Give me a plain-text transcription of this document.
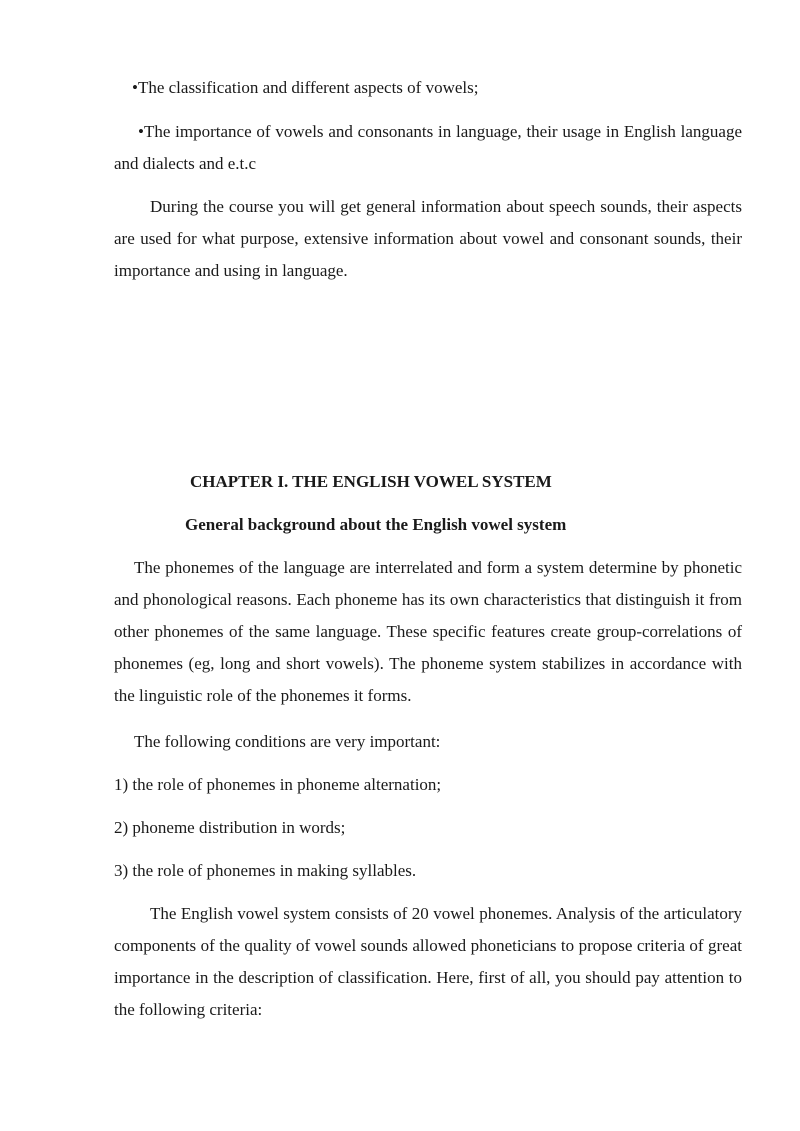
•The classification and different aspects of vowels;

•The importance of vowels and consonants in language, their usage in English language and dialects and e.t.c

During the course you will get general information about speech sounds, their aspects are used for what purpose, extensive information about vowel and consonant sounds, their importance and using in language.

CHAPTER I. THE ENGLISH VOWEL SYSTEM
General background about the English vowel system

The phonemes of the language are interrelated and form a system determine by phonetic and phonological reasons. Each phoneme has its own characteristics that distinguish it from other phonemes of the same language. These specific features create group-correlations of phonemes (eg, long and short vowels). The phoneme system stabilizes in accordance with the linguistic role of the phonemes it forms.

The following conditions are very important:

1) the role of phonemes in phoneme alternation;

2) phoneme distribution in words;

3) the role of phonemes in making syllables.

The English vowel system consists of 20 vowel phonemes. Analysis of the articulatory components of the quality of vowel sounds allowed phoneticians to propose criteria of great importance in the description of classification. Here, first of all, you should pay attention to the following criteria:
